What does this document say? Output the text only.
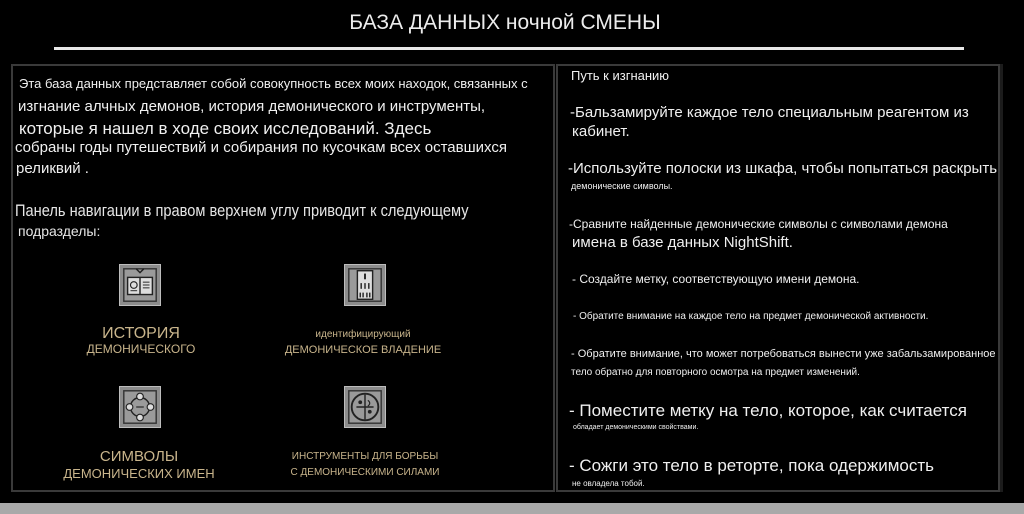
БАЗА ДАННЫХ ночной СМЕНЫ
Эта база данных представляет собой совокупность всех моих находок, связанных с
изгнание алчных демонов, история демонического и инструменты,
которые я нашел в ходе своих исследований. Здесь
собраны годы путешествий и собирания по кусочкам всех оставшихся
реликвий .
Панель навигации в правом верхнем углу приводит к следующему
подразделы:
ИСТОРИЯ
ДЕМОНИЧЕСКОГО
идентифицирующий
ДЕМОНИЧЕСКОЕ ВЛАДЕНИЕ
СИМВОЛЫ
ДЕМОНИЧЕСКИХ ИМЕН
ИНСТРУМЕНТЫ ДЛЯ БОРЬБЫ
С ДЕМОНИЧЕСКИМИ СИЛАМИ
Путь к изгнанию
-Бальзамируйте каждое тело специальным реагентом из
кабинет.
-Используйте полоски из шкафа, чтобы попытаться раскрыть
демонические символы.
-Сравните найденные демонические символы с символами демона
имена в базе данных NightShift.
- Создайте метку, соответствующую имени демона.
- Обратите внимание на каждое тело на предмет демонической активности.
- Обратите внимание, что может потребоваться вынести уже забальзамированное
тело обратно для повторного осмотра на предмет изменений.
- Поместите метку на тело, которое, как считается
обладает демоническими свойствами.
- Сожги это тело в реторте, пока одержимость
не овладела тобой.
